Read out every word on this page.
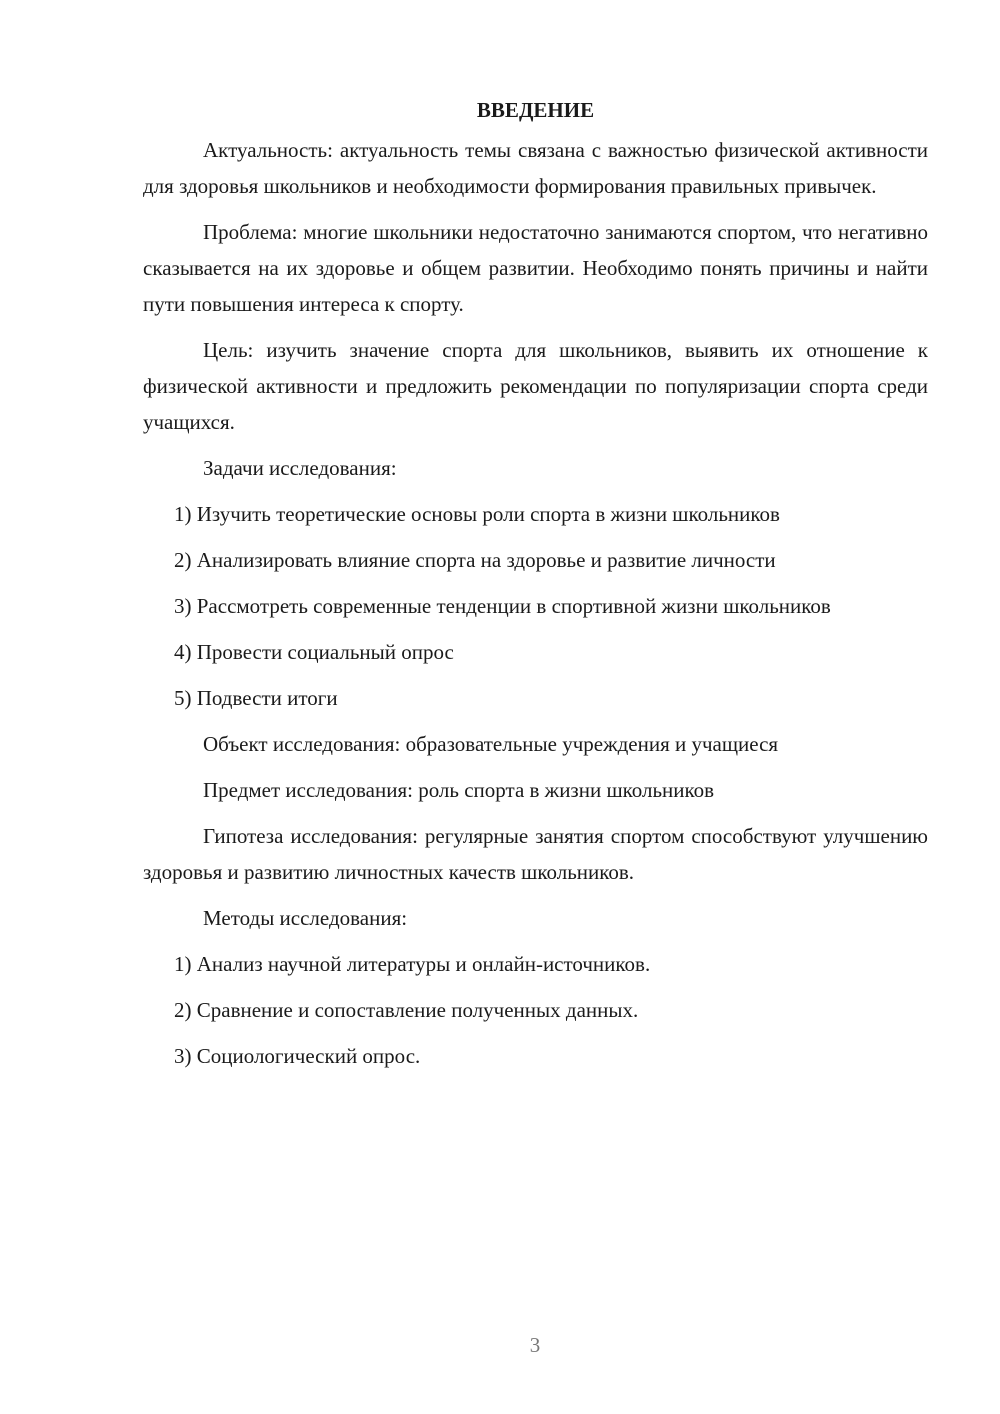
ВВЕДЕНИЕ

Актуальность: актуальность темы связана с важностью физической активности для здоровья школьников и необходимости формирования правильных привычек.

Проблема: многие школьники недостаточно занимаются спортом, что негативно сказывается на их здоровье и общем развитии. Необходимо понять причины и найти пути повышения интереса к спорту.

Цель: изучить значение спорта для школьников, выявить их отношение к физической активности и предложить рекомендации по популяризации спорта среди учащихся.

Задачи исследования:

1) Изучить теоретические основы роли спорта в жизни школьников

2) Анализировать влияние спорта на здоровье и развитие личности

3) Рассмотреть современные тенденции в спортивной жизни школьников

4) Провести социальный опрос

5) Подвести итоги

Объект исследования: образовательные учреждения и учащиеся

Предмет исследования: роль спорта в жизни школьников

Гипотеза исследования: регулярные занятия спортом способствуют улучшению здоровья и развитию личностных качеств школьников.

Методы исследования:

1) Анализ научной литературы и онлайн-источников.

2) Сравнение и сопоставление полученных данных.

3) Социологический опрос.

3
